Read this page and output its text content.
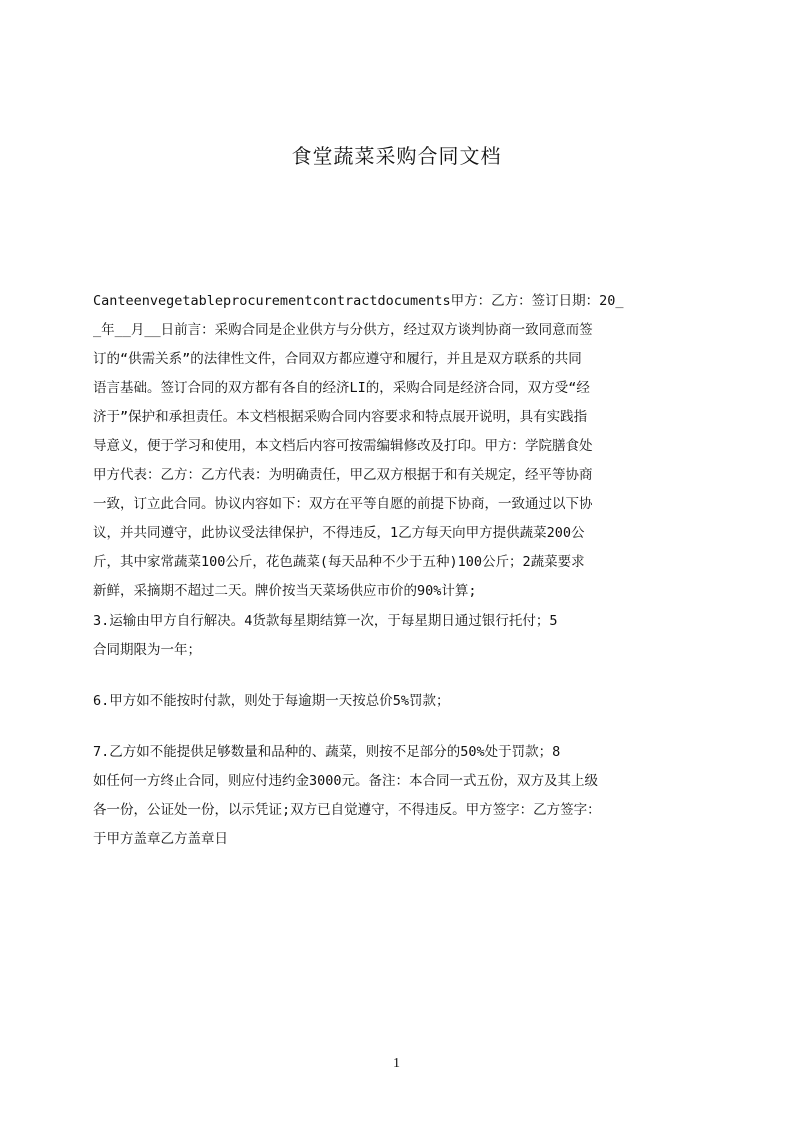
食堂蔬菜采购合同文档
Canteenvegetableprocurementcontractdocuments甲方：乙方：签订日期：20_
_年__月__日前言：采购合同是企业供方与分供方，经过双方谈判协商一致同意而签
订的“供需关系”的法律性文件，合同双方都应遵守和履行，并且是双方联系的共同
语言基础。签订合同的双方都有各自的经济LI的，采购合同是经济合同，双方受“经
济于”保护和承担责任。本文档根据采购合同内容要求和特点展开说明，具有实践指
导意义，便于学习和使用，本文档后内容可按需编辑修改及打印。甲方：学院膳食处
甲方代表：乙方：乙方代表：为明确责任，甲乙双方根据于和有关规定，经平等协商
一致，订立此合同。协议内容如下：双方在平等自愿的前提下协商，一致通过以下协
议，并共同遵守，此协议受法律保护，不得违反，1乙方每天向甲方提供蔬菜200公
斤，其中家常蔬菜100公斤，花色蔬菜(每天品种不少于五种)100公斤；2蔬菜要求
新鲜，采摘期不超过二天。牌价按当天菜场供应市价的90%计算;
3.运输由甲方自行解决。4货款每星期结算一次，于每星期日通过银行托付；5
合同期限为一年；
6.甲方如不能按时付款，则处于每逾期一天按总价5%罚款；
7.乙方如不能提供足够数量和品种的、蔬菜，则按不足部分的50%处于罚款；8
如任何一方终止合同，则应付违约金3000元。备注：本合同一式五份，双方及其上级
各一份，公证处一份，以示凭证;双方已自觉遵守，不得违反。甲方签字：乙方签字：
于甲方盖章乙方盖章日
1
